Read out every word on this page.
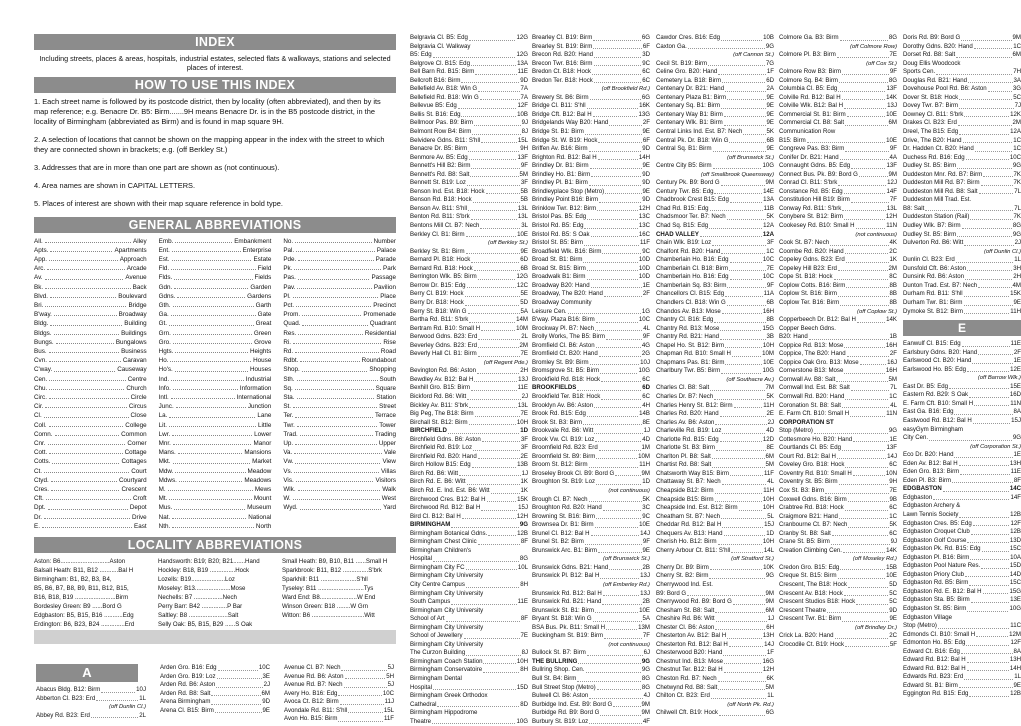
INDEX
Including streets, places & areas, hospitals, industrial estates, selected flats & walkways, stations and selected places of interest.
HOW TO USE THIS INDEX
1. Each street name is followed by its postcode district, then by locality (often abbreviated), and then by its map reference; e.g. Benacre Dr. B5: Birm.......9H means Benacre Dr. is in the B5 postcode district, in the locality of Birmingham (abbreviated as Birm) and is found in map square 9H.
2. A selection of locations that cannot be shown on the mapping appear in the index with the street to which they are connected shown in brackets; e.g. (off Berkley St.)
3. Addresses that are in more than one part are shown as (not continuous).
4. Area names are shown in CAPITAL LETTERS.
5. Places of interest are shown with their map square reference in bold type.
GENERAL ABBREVIATIONS
All.	Alley Emb.	Embankment No.	Number
Apts.	Apartments Ent.	Enterprise Pal.	Palace
App.	Approach Est.	Estate Pde.	Parade
Arc.	Arcade Fld.	Field Pk.	Park
Av.	Avenue Flds.	Fields Pas.	Passage
Bk.	Back Gdn.	Garden Pav.	Pavilion
Blvd.	Boulevard Gdns.	Gardens Pl.	Place
Bri.	Bridge Gth.	Garth Pct.	Precinct
B'way.	Broadway Ga.	Gate Prom.	Promenade
Bldg.	Building Gt.	Great Quad.	Quadrant
Bldgs.	Buildings Grn.	Green Res.	Residential
Bungs.	Bungalows Gro.	Grove Ri.	Rise
Bus.	Business Hgts.	Heights Rd.	Road
Cvn.	Caravan Ho.	House Rdbt.	Roundabout
C'way.	Causeway Ho's.	Houses Shop.	Shopping
Cen.	Centre Ind.	Industrial Sth.	South
Chu.	Church Info.	Information Sq.	Square
Circ.	Circle Intl.	International Sta.	Station
Cir.	Circus Junc.	Junction St.	Street
Cl.	Close La.	Lane Ter.	Terrace
Coll.	College Lit.	Little Twr.	Tower
Comn.	Common Lwr.	Lower Trad.	Trading
Cnr.	Corner Mnr.	Manor Up.	Upper
Cott.	Cottage Mans.	Mansions Va.	Vale
Cotts.	Cottages Mkt.	Market Vw.	View
Ct.	Court Mdw.	Meadow Vs.	Villas
Ctyd.	Courtyard Mdws.	Meadows Vis.	Visitors
Cres.	Crescent M.	Mews Wlk.	Walk
Cft.	Croft Mt.	Mount W.	West
Dpt.	Depot Mus.	Museum Wyd.	Yard
Dr.	Drive Nat.	National
E.	East Nth.	North
LOCALITY ABBREVIATIONS
Aston: B6.............................Aston	Handsworth: B19; B20; B21.......Hand	Small Heath: B9, B10, B11 ......Small H
Balsall Heath: B11, B12 ...........Bal H	Hockley: B18, B19 ...............Hock	Sparkbrook: B11, B12 ...............S'brk
Birmingham: B1, B2, B3, B4,	Lozells: B19....................Loz	Sparkhill: B11 .....................S'hll
B5, B6, B7, B8, B9, B11, B12, B15,	Moseley: B13.....................Mose	Tyseley: B11 ...........................Tys
B16, B18, B19 ........................Birm	Nechells: B7 .................Nech	Ward End: B8......................W End
Bordesley Green: B9 ......Bord G	Perry Barr: B42 ...............P Bar	Winson Green: B18 ........W Grn
Edgbaston: B5, B15, B16 ...........Edg	Saltley: B8 .......................Salt	Witton: B6 ...............................Witt
Erdington: B6, B23, B24 ..............Erd	Selly Oak: B5, B15, B29 ......S Oak
A
Abacus Bldg. B12: Birm	10J
Abberton Cl. B23: Erd	1L
(off Dunlin Cl.)
Abbey Rd. B23: Erd	2L
Arden Gro. B16: Edg	10C
Arden Gro. B19: Loz	3E
Arden Rd. B6: Aston	2J
Arden Rd. B8: Salt	6M
Arena Birmingham	9D
Arena Cl. B15: Birm	9E
Avenue Cl. B7: Nech	5J
Avenue Rd. B6: Aston	5H
Avenue Rd. B7: Nech	5J
Avery Ho. B16: Edg	10C
Avoca Ct. B12: Birm	11J
Avondale Rd. B11: S'hll	15L
Avon Ho. B15: Birm	11F
Belgravia Cl. B5: Edg	12G
Belgravia Cl. Walkway
B5: Edg	12G
Belgrove Cl. B15: Edg	13A
Bell Barn Rd. B15: Birm	11E
Bellcroft B16: Birm	9D
Bellefield Av. B18: Win G	7A
Bellefield Rd. B18: Win G	7A
Bellevue B5: Edg	12F
Bellis St. B16: Edg	10B
Bellmoor Pas. B9: Birm	9J
Belmont Row B4: Birm	8J
Belvidere Gdns. B11: S'hll	15L
Benacre Dr. B5: Birm	9H
Benmore Av. B5: Edg	13F
Bennett's Hill B2: Birm	9F
Bennett's Rd. B8: Salt	5M
Bennett St. B19: Loz	3F
Benson Ind. Est. B18: Hock	5B
Benson Rd. B18: Hock	5B
Benson Av. B11: S'hll	13L
Benton Rd. B11: S'brk	13L
Bentons Mill Ct. B7: Nech	3L
Berkley Cl. B1: Birm	10E
(off Berkley St.)
Berkley St. B1: Birm	9E
Bernard Pl. B18: Hock	6D
Bernard Rd. B18: Hock	6B
Berrington Wlk. B5: Birm	12G
Berrow Dr. B15: Edg	12C
Berry Cl. B19: Hock	5E
Berry Dr. B18: Hock	5D
Berry St. B18: Win G	5A
Bertha Rd. B11: S'brk	14M
Bertram Rd. B10: Small H	10M
Berwood Gdns. B23: Erd	2L
Beverley Gdns. B23: Erd	2M
Beverly Hall Cl. B1: Birm	7E
(off Regent Pde.)
Bevington Rd. B6: Aston	2H
Bewdley Av. B12: Bal H	13J
Bexhill Gro. B15: Birm	11E
Bickford Rd. B6: Witt	2J
Bickley Av. B11: S'brk	13L
Big Peg, The B18: Birm	7E
Birchall St. B12: Birm	10H
BIRCHFIELD	1D
Birchfield Gdns. B6: Aston	3F
Birchfield Rd. B19: Loz	3F
Birchfield Rd. B20: Hand	2E
Birch Hollow B15: Edg	13B
Birch Rd. B6: Witt	1J
Birch Rd. E. B6: Witt	1K
Birch Rd. E. Ind. Est. B6: Witt	1K
Birchwood Cres. B12: Bal H	15K
Birchwood Rd. B12: Bal H	15J
Bird Cl. B12: Bal H	12H
BIRMINGHAM	9G
Birmingham Botanical Gdns.	12B
Birmingham Chest Clinic	8F
Birmingham Children's
Hospital	8G
Birmingham City FC	10L
Birmingham City University
City Centre Campus	8H
Birmingham City University
South Campus	11E
Birmingham City University
School of Art	8F
Birmingham City University
School of Jewellery	7E
Birmingham City University
The Curzon Building	8J
Birmingham Coach Station	10H
Birmingham Conservatoire	8H
Birmingham Dental
Hospital	15D
Birmingham Greek Orthodox
Cathedral	8D
Birmingham Hippodrome
Theatre	10G
Brearley Cl. B19: Birm	6G
Brearley St. B19: Birm	6F
Brecon Rd. B20: Hand	3D
Brecon Twr. B16: Birm	9C
Bredon Ct. B18: Hock	6C
Bredon Ter. B18: Hock	6C
(off Brookfield Rd.)
Brewery St. B6: Birm	6G
Bridge Cl. B11: S'hll	16K
Bridge Cft. B12: Bal H	13G
Bridgelands Way B20: Hand	2F
Bridge St. B1: Birm	9E
Bridge St. W. B19: Hock	6F
Briffen Av. B16: Birm	9D
Brighton Rd. B12: Bal H	14H
Brindley Dr. B1: Birm	9E
Brindley Ho. B1: Birm	9D
Brindley Pl. B1: Birm	9D
Brindleyplace Stop (Metro)	9E
Brindley Point B16: Birm	9D
Brinklow Twr. B12: Birm	12H
Bristol Pas. B5: Edg	13C
Bristol Rd. B5: Edg	13C
Bristol Rd. B5: S Oak	16C
Bristol St. B5: Birm	11F
Broadfield Wlk. B16: Birm	9C
Broad St. B1: Birm	10D
Broad St. B15: Birm	10D
Broadwalk B1: Birm	10D
Broadway B20: Hand	1E
Broadway, The B20: Hand	2F
Broadway Community
Leisure Cen.	1G
B'way. Plaza B16: Birm	10C
Brockway Pl. B7: Nech	4L
Brolly Works, The B5: Birm	9F
Bromfield Cl. B6: Aston	4G
Bromfield Ct. B20: Hand	2G
Bromley St. B9: Birm	10J
Bromsgrove St. B5: Birm	10G
Brookfield Rd. B18: Hock	6C
BROOKFIELDS	6D
Brookfield Ter. B18: Hock	6C
Brooklyn Av. B6: Aston	4H
Brook Rd. B15: Edg	14B
Brook St. B3: Birm	8E
Brookvale Rd. B6: Witt	1J
Brook Vw. Cl. B19: Loz	4D
Broomfield Rd. B23: Erd	1M
Broomfield St. B9: Birm	10M
Broom St. B12: Birm	11H
Broseley Brook Cl. B9: Bord G	9M
Broughton St. B19: Loz	1D
(not continuous)
Brough Cl. B7: Nech	5K
Broughton Rd. B20: Hand	3C
Browning St. B16: Birm	9C
Brownsea Dr. B1: Birm	10E
Brunel Cl. B12: Bal H	14J
Brunel St. B2: Birm	9F
Brunswick Arc. B1: Birm	9E
(off Brunswick St.)
Brunswick Gdns. B21: Hand	2B
Brunswick Pl. B12: Bal H	13J
(off Emberley Rd.)
Brunswick Rd. B12: Bal H	13J
Brunswick Rd. B21: Hand	2B
Brunswick St. B1: Birm	10E
Bryant St. B18: Win G	5A
BSA Bus. Pk. B11: Small H	13M
Buckingham St. B19: Birm	7F
(not continuous)
Bullock St. B7: Birm	6J
THE BULLRING	9G
Bullring Shop. Cen.	9G
Bull St. B4: Birm	8G
Bull Street Stop (Metro)	8G
Bulwell Cl. B6: Aston	4J
Burbidge Ind. Est. B9: Bord G	9M
Burbidge Rd. B9: Bord G	9M
Burbury St. B19: Loz	4F
Cawdor Cres. B16: Edg	10B
Caxton Ga.	9G
(off Cannon St.)
Cecil St. B19: Birm	7G
Celine Gro. B20: Hand	1F
Cemetery La. B18: Birm	6D
Centenary Dr. B21: Hand	2A
Centenary Plaza B1: Birm	9E
Centenary Sq. B1: Birm	9E
Centenary Way B1: Birm	9E
Centenary Wlk. B1: Birm	9E
Central Links Ind. Est. B7: Nech	5K
Central Pk. Dr. B18: Win G	6B
Central Sq. B1: Birm	9E
(off Brunswick St.)
Centre City B5: Birm	10G
(off Smallbrook Queensway)
Century Pk. B9: Bord G	9M
Century Twr. B5: Edg	14E
Chadbrook Crest B15: Edg	13A
Chad Rd. B15: Edg	11B
Chadsmoor Ter. B7: Nech	5K
Chad Sq. B15: Edg	12A
CHAD VALLEY	12A
Chain Wlk. B19: Loz	3F
Chalfont Rd. B20: Hand	1C
Chamberlain Ho. B16: Edg	10C
Chamberlain Cl. B18: Birm	7E
Chamberlain Ho. B16: Edg	10C
Chamberlain Sq. B3: Birm	9F
Chancellors Cl. B15: Edg	11A
Chandlers Cl. B18: Win G	6B
Chandos Av. B13: Mose	16H
Chantry Cl. B16: Edg	8B
Chantry Rd. B13: Mose	15G
Chantry Rd. B21: Hand	3B
Chapel Ho. St. B12: Birm	10H
Chapman Rd. B10: Small H	10M
Chapmans Pas. B1: Birm	10E
Charlbury Twr. B5: Birm	10G
(off Southacre Av.)
Charles Cl. B8: Salt	7M
Charles Dr. B7: Nech	5K
Charles Henry St. B12: Birm	11H
Charles Rd. B20: Hand	2E
Charles Av. B6: Aston	2J
Charleville Rd. B19: Loz	4D
Charlotte Rd. B15: Edg	12D
Charlotte St. B3: Birm	8E
Charlton Pl. B8: Salt	6M
Chartist Rd. B8: Salt	5M
Chatsworth Way B15: Birm	11F
Chattaway St. B7: Nech	4L
Cheapside B12: Birm	11H
Cheapside B15: Birm	10H
Cheapside Ind. Est. B12: Birm	10H
Cheatham St. B7: Nech	5L
Cheddar Rd. B12: Bal H	15J
Chequers Av. B13: Hand	1D
Cherish Ho. B12: Birm	10H
Cherry Arbour Ct. B11: S'hll	14L
(off Stratford St.)
Cherry Dr. B9: Birm	10K
Cherry St. B2: Birm	9G
Cherrywood Ind. Est.
B9: Bord G	9M
Cherrywood Rd. B9: Bord G	9M
Chesham St. B8: Salt	6M
Cheshire Rd. B6: Witt	1J
Chester Cl. B6: Aston	6H
Chesterton Av. B12: Bal H	13H
Chesterton Rd. B12: Bal H	14J
Chesterwood B20: Hand	1F
Chestnut Ind. B13: Mose	16G
Chestnut Ter. B12: Bal H	12H
Cheston Rd. B7: Nech	6K
Chetwynd Rd. B8: Salt	5M
Chilton Ct. B23: Erd	1L
(off North Pk. Rd.)
Chilwell Cft. B19: Hock	6G
Colmore Ga. B3: Birm	8G
(off Colmore Row)
Colmore Pl. B3: Birm	7E
(off Cox St.)
Colmore Row B3: Birm	9F
Colmore Sq. B4: Birm	8G
Columbia Cl. B5: Edg	13F
Colville Rd. B12: Bal H	14K
Colville Wlk. B12: Bal H	13J
Commercial St. B1: Birm	10E
Commercial Ct. B8: Salt	6M
Communication Row
B15: Birm	10E
Congreve Pas. B3: Birm	9F
Conifer Dr. B21: Hand	4A
Connaught Gdns. B5: Edg	13F
Connect Bus. Pk. B9: Bord G	9M
Conrad Cl. B11: S'brk	12J
Constance Rd. B5: Edg	14F
Constitution Hill B19: Birm	7F
Conway Rd. B11: S'brk	13L
Conybere St. B12: Birm	12H
Cookesey Rd. B10: Small H	11N
(not continuous)
Cook St. B7: Nech	4K
Coombe Rd. B20: Hand	2C
Copeley Gdns. B23: Erd	1K
Copeley Hill B23: Erd	2M
Cope St. B18: Hock	8C
Coplow Cotts. B16: Birm	8B
Coplow St. B16: Birm	8B
Coplow Ter. B16: Birm	8B
(off Coplow St.)
Copperbeech Dr. B12: Bal H	14K
Copper Beech Gdns.
B20: Hand	1B
Coppice Rd. B13: Mose	16H
Coppice, The B20: Hand	2F
Coppice Oak Gro. B13: Mose	16J
Cornerstone B13: Mose	16H
Cornwall Av. B8: Salt	5M
Cornwall Ind. Est. B8: Salt	7L
Cornwall Rd. B20: Hand	1C
Coronation St. B8: Salt	4L
E. Farm Cft. B10: Small H	11N
CORPORATION ST
Stop (Metro)	9G
Cottesmore Ho. B20: Hand	1E
Courtlands Cl. B5: Edg	13F
Court Rd. B12: Bal H	14J
Coveley Gro. B18: Hock	6C
Coventry Rd. B10: Small H	10N
Coventry St. B5: Birm	9H
Cox St. B3: Birm	7E
Coxwell Gdns. B16: Birm	9B
Crabtree Rd. B18: Hock	6C
Craigmore B21: Hand	1C
Cranbourne Ct. B7: Nech	5K
Cranby St. B8: Salt	6C
Crane St. B5: Birm	9J
Creation Climbing Cen.	14K
(off Moseley Rd.)
Credon Gro. B15: Edg	15B
Creque St. B15: Birm	10E
Crescent, The B18: Hock	5D
Crescent Av. B18: Hock	5C
Crescent Studios B18: Hock	5C
Crescent Theatre	9D
Crescent Twr. B1: Birm	9E
(off Brindley Dr.)
Crick La. B20: Hand	2C
Crocodile Ct. B19: Hock	5F
Doris Rd. B9: Bord G	9M
Dorothy Gdns. B20: Hand	1C
Dorset Rd. B8: Salt	6M
Doug Ellis Woodcock
Sports Cen.	7H
Douglas Rd. B21: Hand	3A
Dovehouse Pool Rd. B6: Aston	3G
Dover St. B18: Hock	5C
Dovey Twr. B7: Birm	7J
Downey Cl. B11: S'brk	12K
Drakes Cl. B23: Erd	2M
Dreel, The B15: Edg	12A
Drive, The B20: Hand	1C
Dr. Hadden Ct. B20: Hand	1C
Duchess Rd. B16: Edg	10C
Dudley St. B5: Birm	9G
Duddeston Mnr. Rd. B7: Birm	7K
Duddeston Mill Rd. B7: Birm	7K
Duddeston Mill Rd. B8: Salt	7L
Duddeston Mill Trad. Est.
B8: Salt	7L
Duddeston Station (Rail)	7K
Dudley Wlk. B7: Birm	8G
Dudley St. B5: Birm	9G
Dulverton Rd. B6: Witt	2J
(off Dunlin Cl.)
Dunlin Cl. B23: Erd	1L
Dunsfold Cft. B6: Aston	3H
Dunsink Rd. B6: Aston	2H
Dunton Trad. Est. B7: Nech	4M
Durham Rd. B11: S'hll	15K
Durham Twr. B1: Birm	9E
Dymoke St. B12: Birm	11H
E
Eanwulf Cl. B15: Edg	11E
Earlsbury Gdns. B20: Hand	2F
Earlswood Ct. B20: Hand	1E
Earlswood Ho. B5: Edg	12E
(off Barrow Wlk.)
East Dr. B5: Edg	15E
Eastern Rd. B29: S Oak	16D
E. Farm Cft. B10: Small H	11N
East Ga. B16: Edg	8A
Eastwood Rd. B12: Bal H	15J
easyGym Birmingham
City Cen.	9G
(off Corporation St.)
Eco Dr. B20: Hand	1E
Eden Av. B12: Bal H	13H
Eden Gro. B13: Birm	11E
Eden Pl. B3: Birm	8F
EDGBASTON	14C
Edgbaston	14F
Edgbaston Archery &
Lawn Tennis Society	12B
Edgbaston Cres. B5: Edg	12F
Edgbaston Croquet Club	12B
Edgbaston Golf Course	13D
Edgbaston Pk. Rd. B15: Edg	15C
Edgbaston Pl. B16: Birm	10A
Edgbaston Pool Nature Res.	15D
Edgbaston Priory Club	14D
Edgbaston Rd. B5: Birm	15C
Edgbaston Rd. E. B12: Bal H	15G
Edgbaston Sta. B5: Birm	13E
Edgbaston St. B5: Birm	10G
Edgbaston Village
Stop (Metro)	11C
Edmonds Cl. B10: Small H	12M
Edmonton Ho. B5: Edg	12F
Edward Ct. B16: Edg	8A
Edward Rd. B12: Bal H	13H
Edward Rd. B12: Bal H	14H
Edwards Rd. B23: Erd	1L
Edward St. B1: Birm	9E
Eggington Rd. B15: Edg	12B
